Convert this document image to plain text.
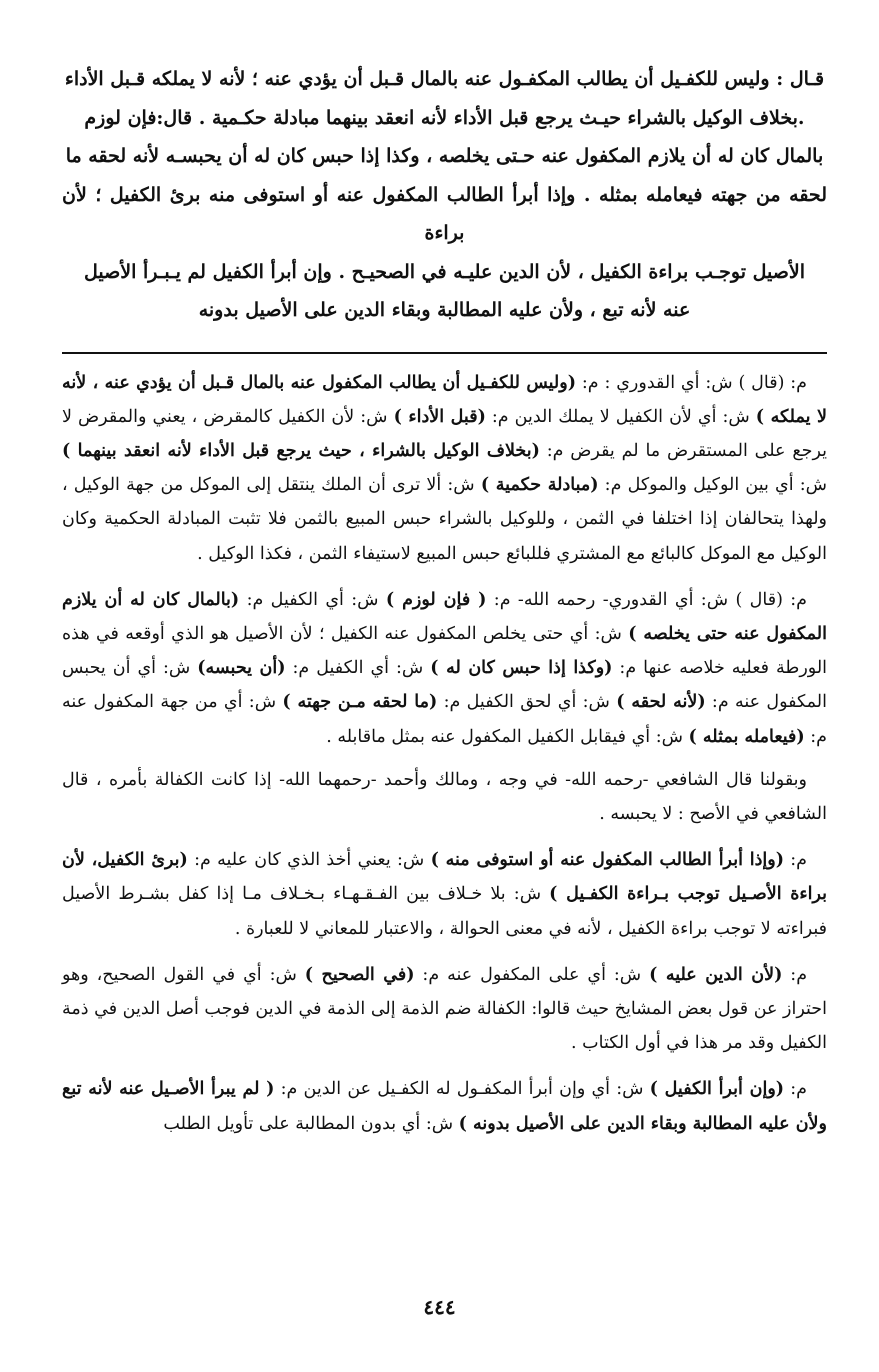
قـال : وليس للكفـيل أن يطالب المكفـول عنه بالمال قـبل أن يؤدي عنه ؛ لأنه لا يملكه قـبل الأداء
.بخلاف الوكيل بالشراء حيـث يرجع قبل الأداء لأنه انعقد بينهما مبادلة حكـمية . قال:فإن لوزم
بالمال كان له أن يلازم المكفول عنه حـتى يخلصه ، وكذا إذا حبس كان له أن يحبسـه لأنه لحقه ما
لحقه من جهته فيعامله بمثله . وإذا أبرأ الطالب المكفول عنه أو استوفى منه برئ الكفيل ؛ لأن براءة
الأصيل توجـب براءة الكفيل ، لأن الدين عليـه في الصحيـح . وإن أبرأ الكفيل لم يـبـرأ الأصيل
عنه لأنه تبع ، ولأن عليه المطالبة وبقاء الدين على الأصيل بدونه

م: (قال ) ش: أي القدوري : م: (وليس للكفـيل أن يطالب المكفول عنه بالمال قـبل أن يؤدي عنه ، لأنه لا يملكه ) ش: أي لأن الكفيل لا يملك الدين م: (قبل الأداء ) ش: لأن الكفيل كالمقرض ، يعني والمقرض لا يرجع على المستقرض ما لم يقرض م: (بخلاف الوكيل بالشراء ، حيث يرجع قبل الأداء لأنه انعقد بينهما ) ش: أي بين الوكيل والموكل م: (مبادلة حكمية ) ش: ألا ترى أن الملك ينتقل إلى الموكل من جهة الوكيل ، ولهذا يتحالفان إذا اختلفا في الثمن ، وللوكيل بالشراء حبس المبيع بالثمن فلا تثبت المبادلة الحكمية وكان الوكيل مع الموكل كالبائع مع المشتري فللبائع حبس المبيع لاستيفاء الثمن ، فكذا الوكيل .

م: (قال ) ش: أي القدوري- رحمه الله- م: ( فإن لوزم ) ش: أي الكفيل م: (بالمال كان له أن يلازم المكفول عنه حتى يخلصه ) ش: أي حتى يخلص المكفول عنه الكفيل ؛ لأن الأصيل هو الذي أوقعه في هذه الورطة فعليه خلاصه عنها م: (وكذا إذا حبس كان له ) ش: أي الكفيل م: (أن يحبسه) ش: أي أن يحبس المكفول عنه م: (لأنه لحقه ) ش: أي لحق الكفيل م: (ما لحقه مـن جهته ) ش: أي من جهة المكفول عنه م: (فيعامله بمثله ) ش: أي فيقابل الكفيل المكفول عنه بمثل ماقابله .

وبقولنا قال الشافعي -رحمه الله- في وجه ، ومالك وأحمد -رحمهما الله- إذا كانت الكفالة بأمره ، قال الشافعي في الأصح : لا يحبسه .

م: (وإذا أبرأ الطالب المكفول عنه أو استوفى منه ) ش: يعني أخذ الذي كان عليه م: (برئ الكفيل، لأن براءة الأصـيل توجب بـراءة الكفـيل ) ش: بلا خـلاف بين الفـقـهـاء بـخـلاف مـا إذا كفل بشـرط الأصيل فبراءته لا توجب براءة الكفيل ، لأنه في معنى الحوالة ، والاعتبار للمعاني لا للعبارة .

م: (لأن الدين عليه ) ش: أي على المكفول عنه م: (في الصحيح ) ش: أي في القول الصحيح، وهو احتراز عن قول بعض المشايخ حيث قالوا: الكفالة ضم الذمة إلى الذمة في الدين فوجب أصل الدين في ذمة الكفيل وقد مر هذا في أول الكتاب .

م: (وإن أبرأ الكفيل ) ش: أي وإن أبرأ المكفـول له الكفـيل عن الدين م: ( لم يبرأ الأصـيل عنه لأنه تبع ولأن عليه المطالبة وبقاء الدين على الأصيل بدونه ) ش: أي بدون المطالبة على تأويل الطلب

٤٤٤
